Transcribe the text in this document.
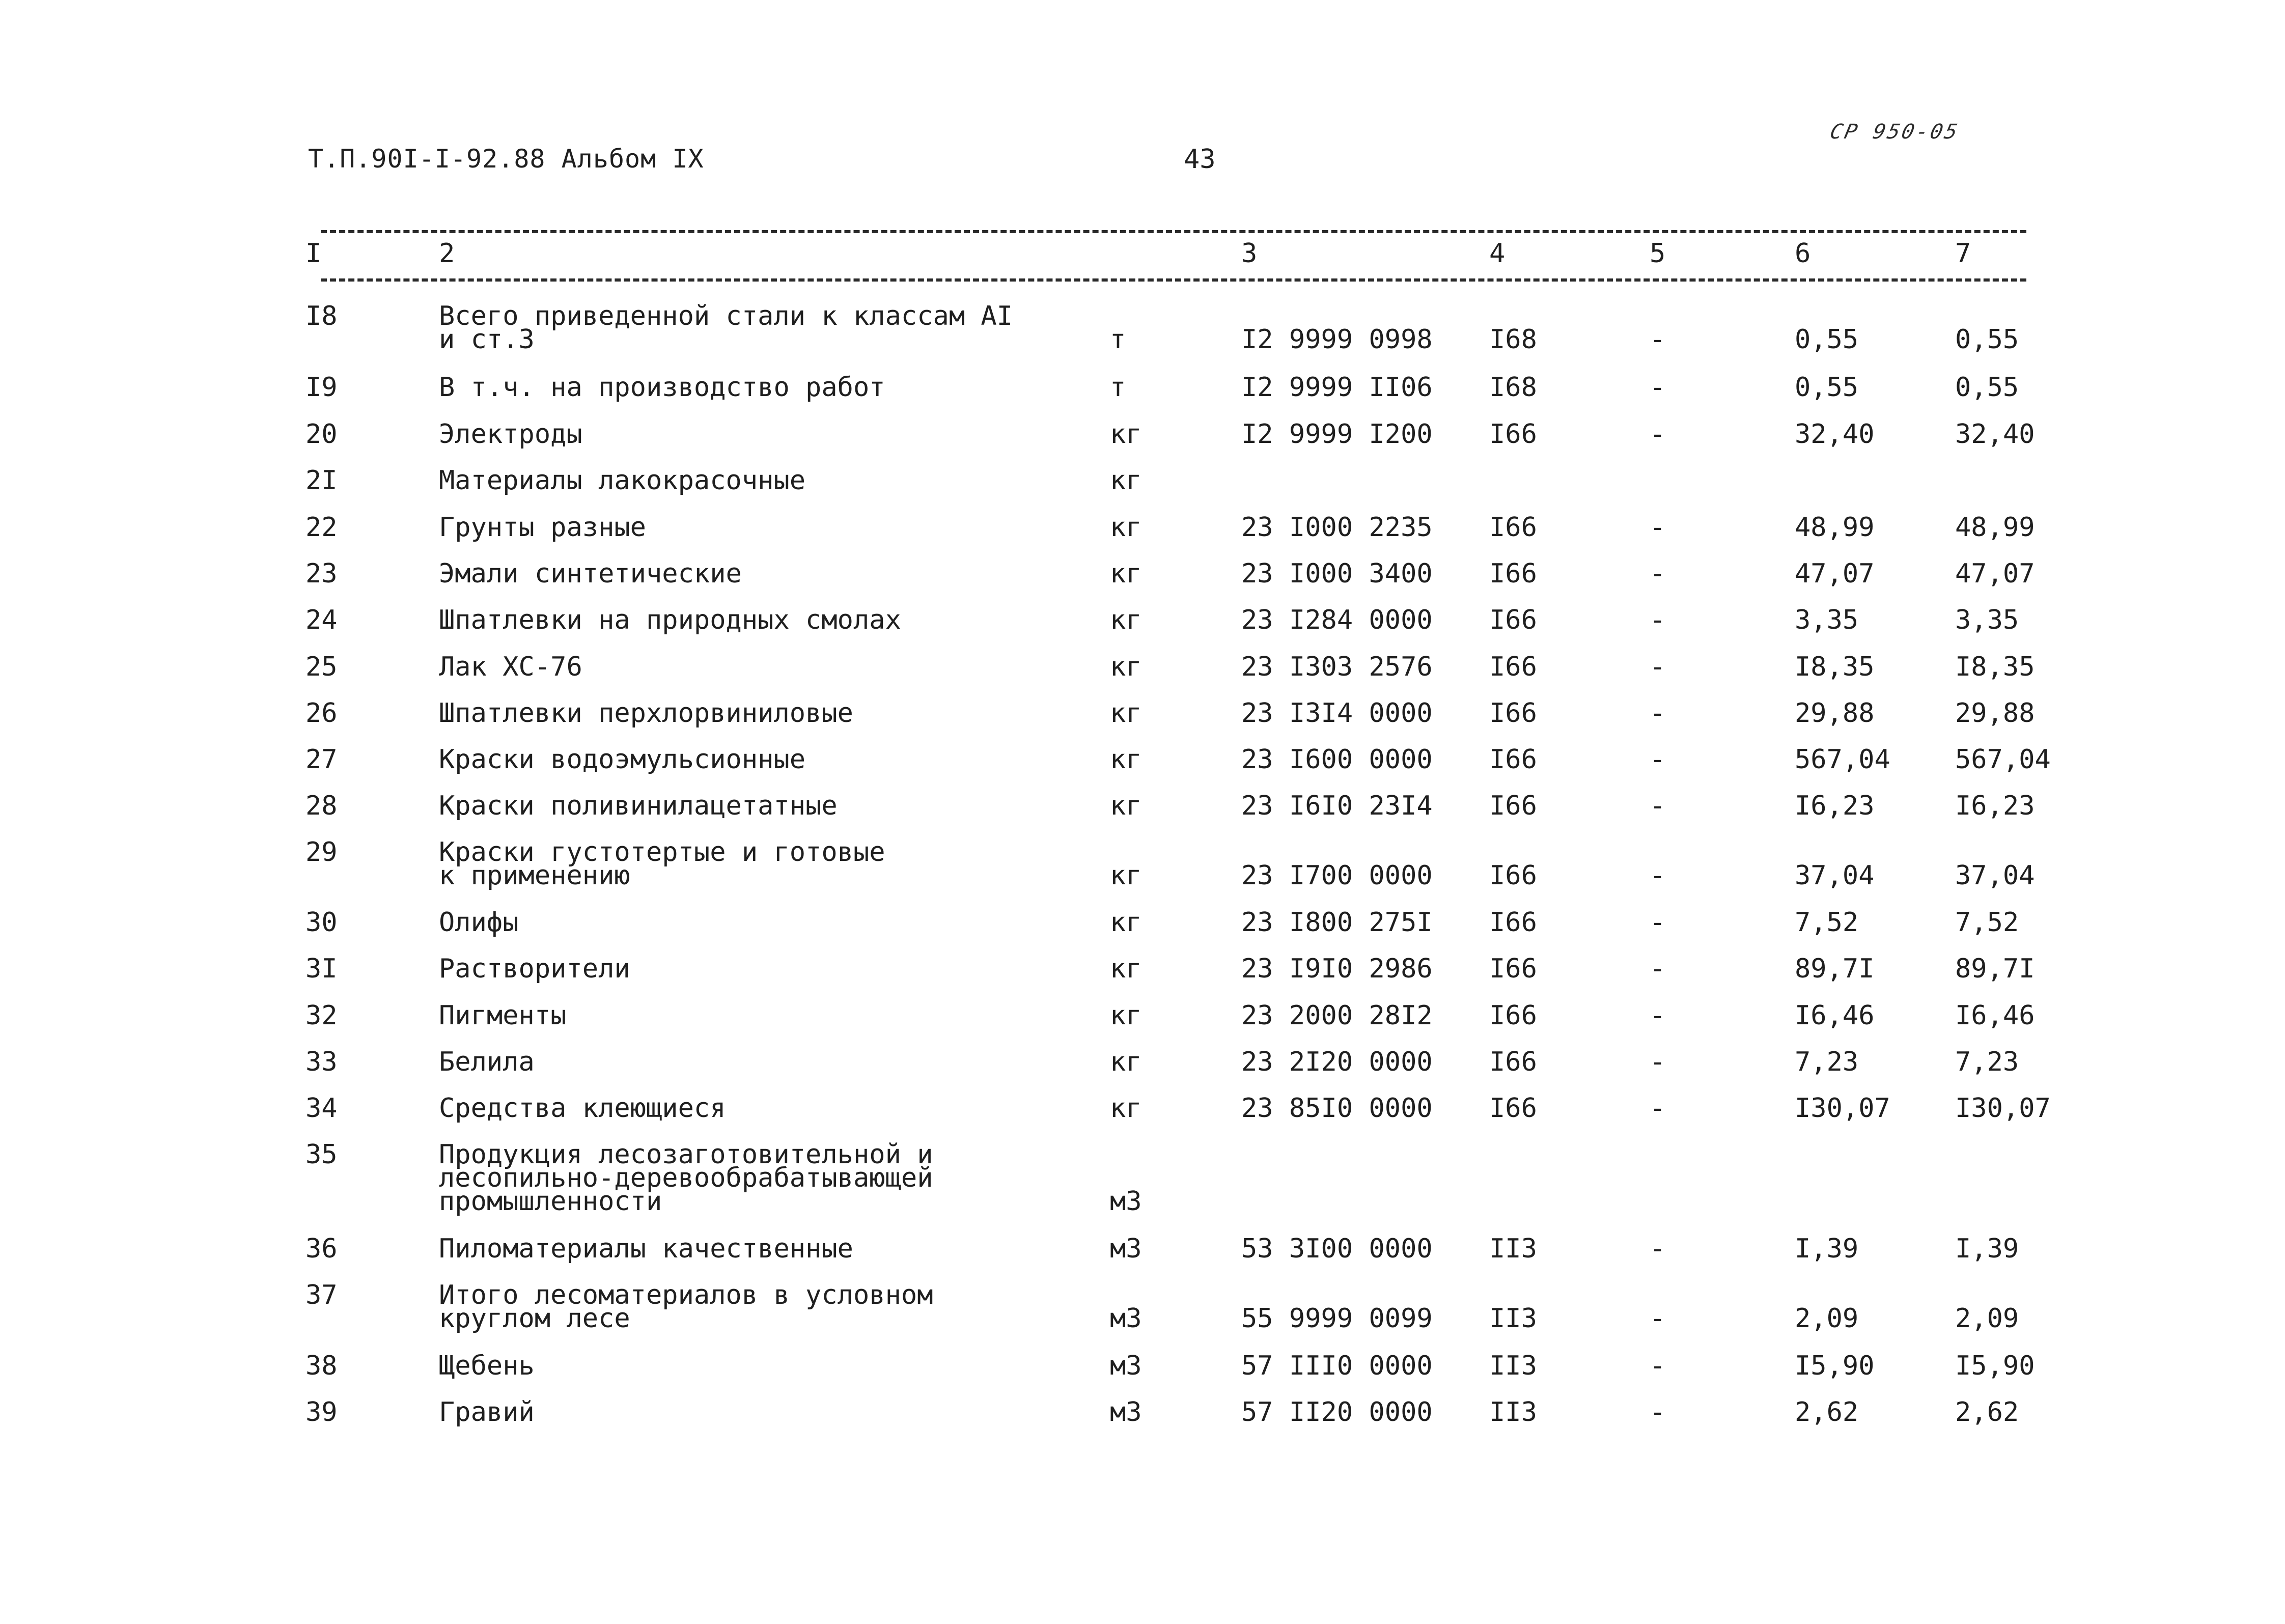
Т.П.90I-I-92.88 Альбом IX	43
СР 950-05
I	2	3	4	5	6	7
I8	Всего приведенной стали к классам AI
и ст.3	т	I2 9999 0998 I68	-	0,55	0,55
I9	В т.ч. на производство работ	т	I2 9999 II06 I68	-	0,55	0,55
20	Электроды	кг	I2 9999 I200 I66	-	32,40	32,40
2I	Материалы лакокрасочные	кг
22	Грунты разные	кг	23 I000 2235 I66	-	48,99	48,99
23	Эмали синтетические	кг	23 I000 3400 I66	-	47,07	47,07
24	Шпатлевки на природных смолах	кг	23 I284 0000 I66	-	3,35	3,35
25	Лак ХС-76	кг	23 I303 2576 I66	-	I8,35	I8,35
26	Шпатлевки перхлорвиниловые	кг	23 I3I4 0000 I66	-	29,88	29,88
27	Краски водоэмульсионные	кг	23 I600 0000 I66	-	567,04 567,04
28	Краски поливинилацетатные	кг	23 I6I0 23I4 I66	-	I6,23	I6,23
29	Краски густотертые и готовые
к применению	кг	23 I700 0000 I66	-	37,04	37,04
30	Олифы	кг	23 I800 275I I66	-	7,52	7,52
3I	Растворители	кг	23 I9I0 2986 I66	-	89,7I	89,7I
32	Пигменты	кг	23 2000 28I2 I66	-	I6,46	I6,46
33	Белила	кг	23 2I20 0000 I66	-	7,23	7,23
34	Средства клеющиеся	кг	23 85I0 0000 I66	-	I30,07 I30,07
35	Продукция лесозаготовительной и
лесопильно-деревообрабатывающей
промышленности	м3
36	Пиломатериалы качественные	м3	53 3I00 0000 II3	-	I,39	I,39
37	Итого лесоматериалов в условном
круглом лесе	м3	55 9999 0099 II3	-	2,09	2,09
38	Щебень	м3	57 III0 0000 II3	-	I5,90	I5,90
39	Гравий	м3	57 II20 0000 II3	-	2,62	2,62
